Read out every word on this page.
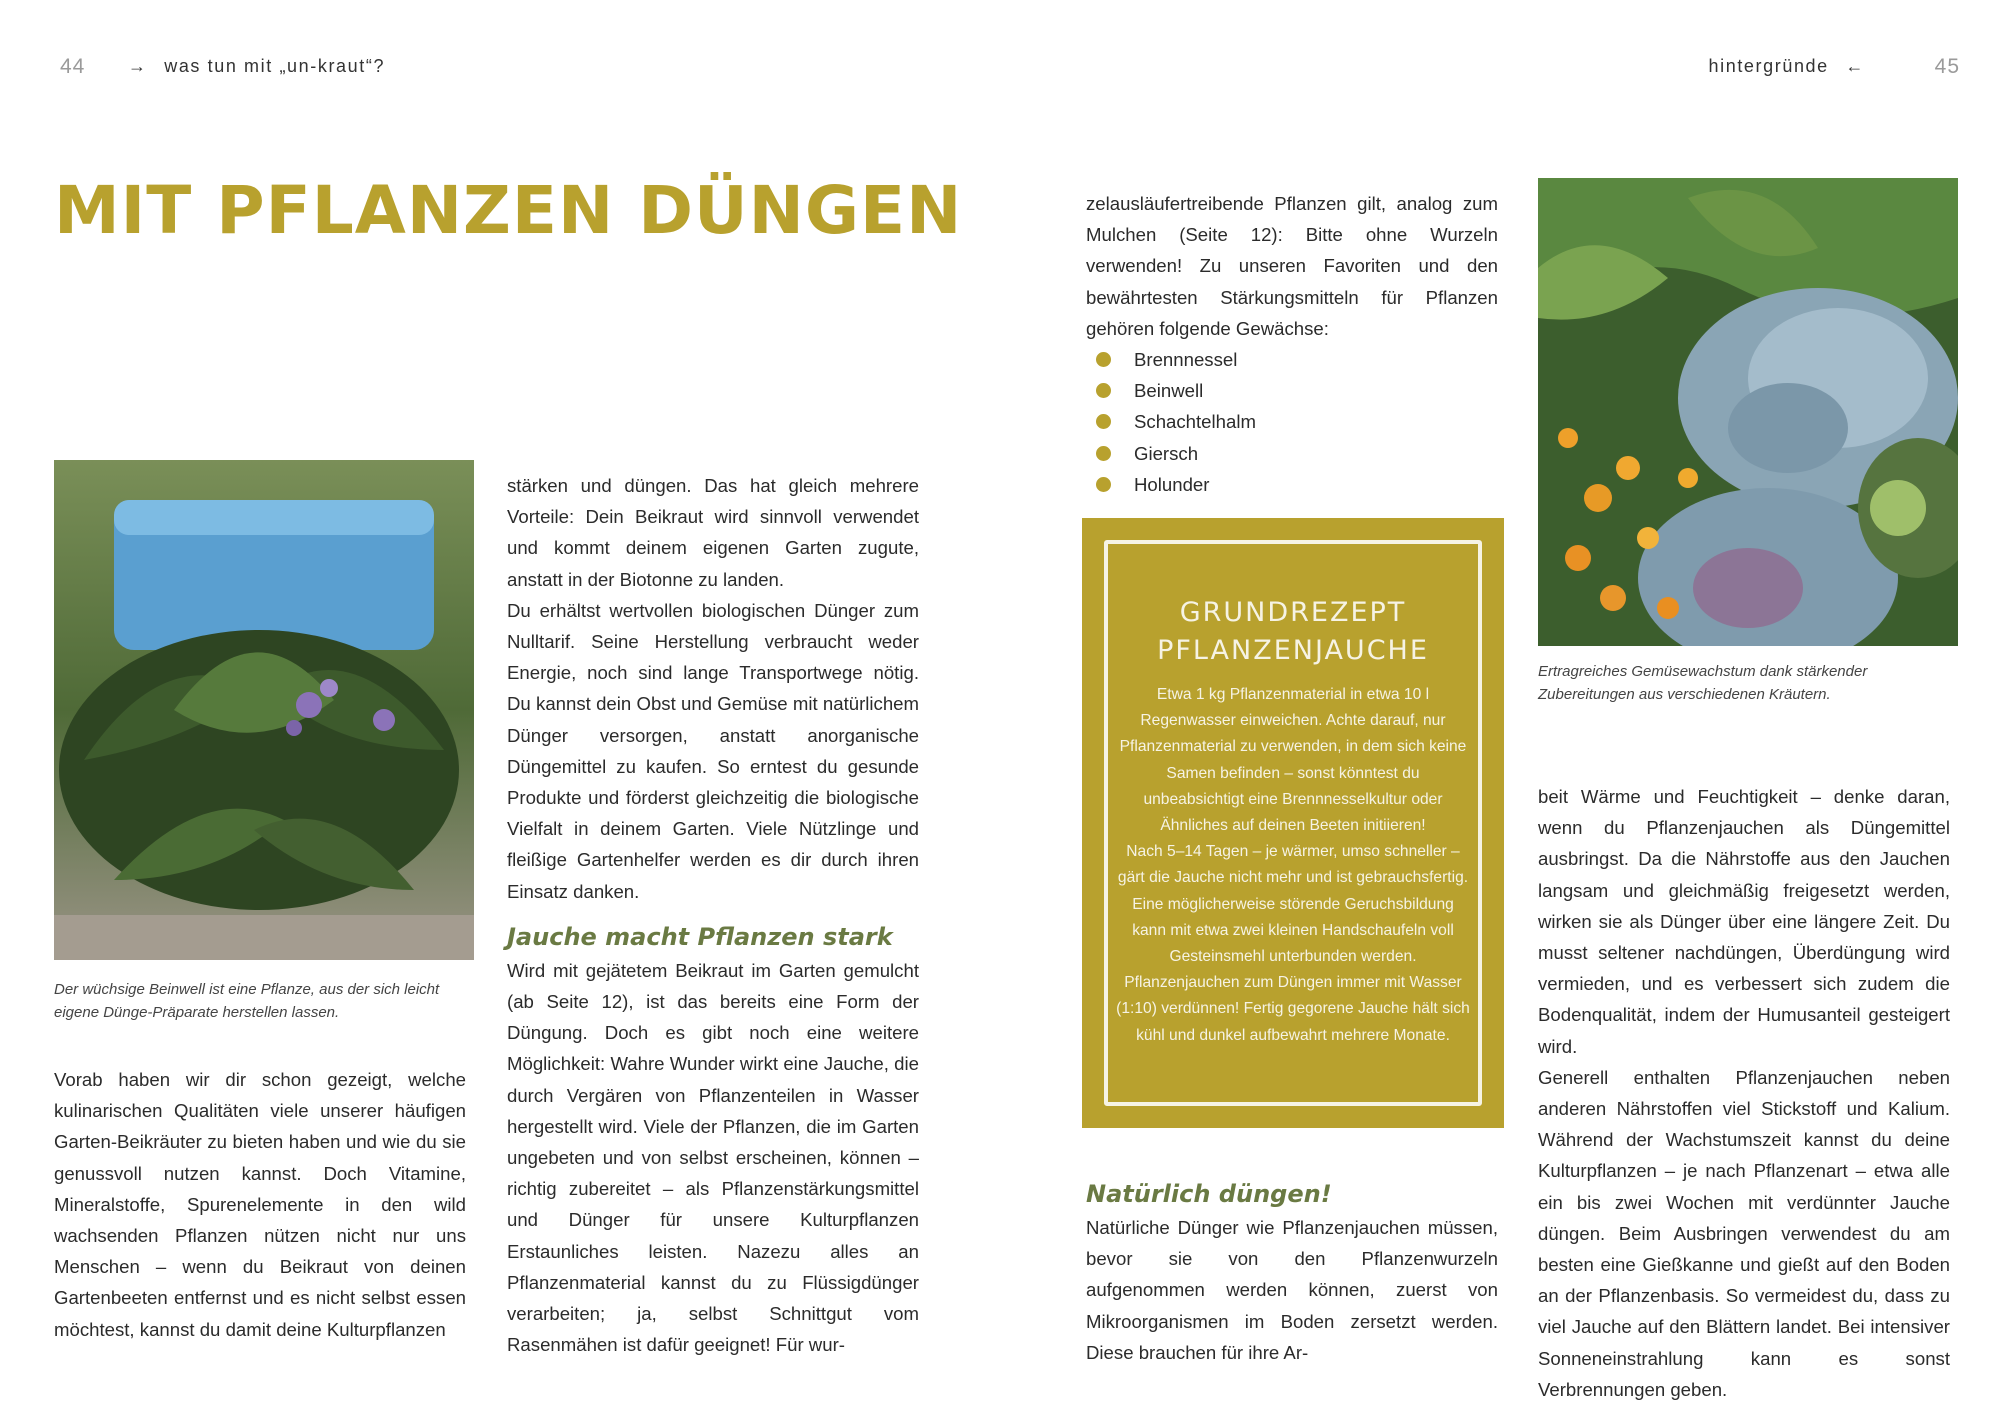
44 → was tun mit „un-kraut“?	hintergründe ←	45
MIT PFLANZEN DÜNGEN
Der wüchsige Beinwell ist eine Pflanze, aus der sich leicht eigene Dünge-Präparate herstellen lassen.

Vorab haben wir dir schon gezeigt, welche kulinarischen Qualitäten viele unserer häufigen Garten-Beikräuter zu bieten haben und wie du sie genussvoll nutzen kannst. Doch Vitamine, Mineralstoffe, Spurenelemente in den wild wachsenden Pflanzen nützen nicht nur uns Menschen – wenn du Beikraut von deinen Gartenbeeten entfernst und es nicht selbst essen möchtest, kannst du damit deine Kulturpflanzen

stärken und düngen. Das hat gleich mehrere Vorteile: Dein Beikraut wird sinnvoll verwendet und kommt deinem eigenen Garten zugute, anstatt in der Biotonne zu landen.

Du erhältst wertvollen biologischen Dünger zum Nulltarif. Seine Herstellung verbraucht weder Energie, noch sind lange Transportwege nötig. Du kannst dein Obst und Gemüse mit natürlichem Dünger versorgen, anstatt anorganische Düngemittel zu kaufen. So erntest du gesunde Produkte und förderst gleichzeitig die biologische Vielfalt in deinem Garten. Viele Nützlinge und fleißige Gartenhelfer werden es dir durch ihren Einsatz danken.

Jauche macht Pflanzen stark

Wird mit gejätetem Beikraut im Garten gemulcht (ab Seite 12), ist das bereits eine Form der Düngung. Doch es gibt noch eine weitere Möglichkeit: Wahre Wunder wirkt eine Jauche, die durch Vergären von Pflanzenteilen in Wasser hergestellt wird. Viele der Pflanzen, die im Garten ungebeten und von selbst erscheinen, können – richtig zubereitet – als Pflanzenstärkungsmittel und Dünger für unsere Kulturpflanzen Erstaunliches leisten. Nazezu alles an Pflanzenmaterial kannst du zu Flüssigdünger verarbeiten; ja, selbst Schnittgut vom Rasenmähen ist dafür geeignet! Für wur-

zelausläufertreibende Pflanzen gilt, analog zum Mulchen (Seite 12): Bitte ohne Wurzeln verwenden! Zu unseren Favoriten und den bewährtesten Stärkungsmitteln für Pflanzen gehören folgende Gewächse:

Brennnessel
Beinwell
Schachtelhalm
Giersch
Holunder
GRUNDREZEPT
PFLANZENJAUCHE
Etwa 1 kg Pflanzenmaterial in etwa 10 l Regenwasser einweichen. Achte darauf, nur Pflanzenmaterial zu verwenden, in dem sich keine Samen befinden – sonst könntest du unbeabsichtigt eine Brennnesselkultur oder Ähnliches auf deinen Beeten initiieren!
Nach 5–14 Tagen – je wärmer, umso schneller – gärt die Jauche nicht mehr und ist gebrauchsfertig. Eine möglicherweise störende Geruchsbildung kann mit etwa zwei kleinen Handschaufeln voll Gesteinsmehl unterbunden werden. Pflanzenjauchen zum Düngen immer mit Wasser (1:10) verdünnen! Fertig gegorene Jauche hält sich kühl und dunkel aufbewahrt mehrere Monate.
Natürlich düngen!

Natürliche Dünger wie Pflanzenjauchen müssen, bevor sie von den Pflanzenwurzeln aufgenommen werden können, zuerst von Mikroorganismen im Boden zersetzt werden. Diese brauchen für ihre Ar-

Ertragreiches Gemüsewachstum dank stärkender Zubereitungen aus verschiedenen Kräutern.

beit Wärme und Feuchtigkeit – denke daran, wenn du Pflanzenjauchen als Düngemittel ausbringst. Da die Nährstoffe aus den Jauchen langsam und gleichmäßig freigesetzt werden, wirken sie als Dünger über eine längere Zeit. Du musst seltener nachdüngen, Überdüngung wird vermieden, und es verbessert sich zudem die Bodenqualität, indem der Humusanteil gesteigert wird.

Generell enthalten Pflanzenjauchen neben anderen Nährstoffen viel Stickstoff und Kalium. Während der Wachstumszeit kannst du deine Kulturpflanzen – je nach Pflanzenart – etwa alle ein bis zwei Wochen mit verdünnter Jauche düngen. Beim Ausbringen verwendest du am besten eine Gießkanne und gießt auf den Boden an der Pflanzenbasis. So vermeidest du, dass zu viel Jauche auf den Blättern landet. Bei intensiver Sonneneinstrahlung kann es sonst Verbrennungen geben.
